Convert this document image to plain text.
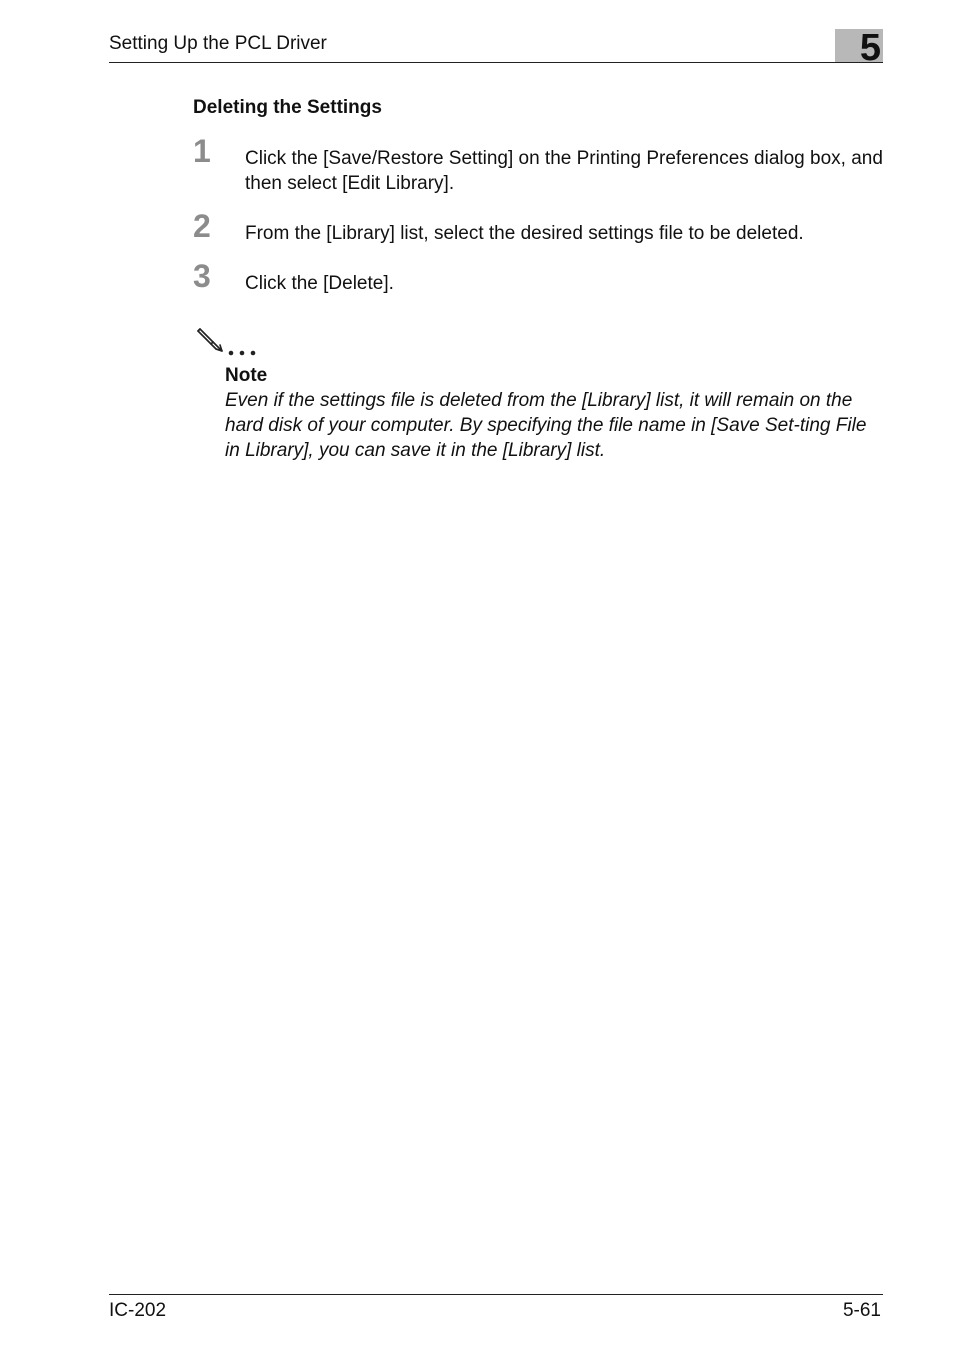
Setting Up the PCL Driver	5
Deleting the Settings
1 Click the [Save/Restore Setting] on the Printing Preferences dialog box, and then select [Edit Library].
2 From the [Library] list, select the desired settings file to be deleted.
3 Click the [Delete].
Note
Even if the settings file is deleted from the [Library] list, it will remain on the hard disk of your computer. By specifying the file name in [Save Set-ting File in Library], you can save it in the [Library] list.
IC-202	5-61
